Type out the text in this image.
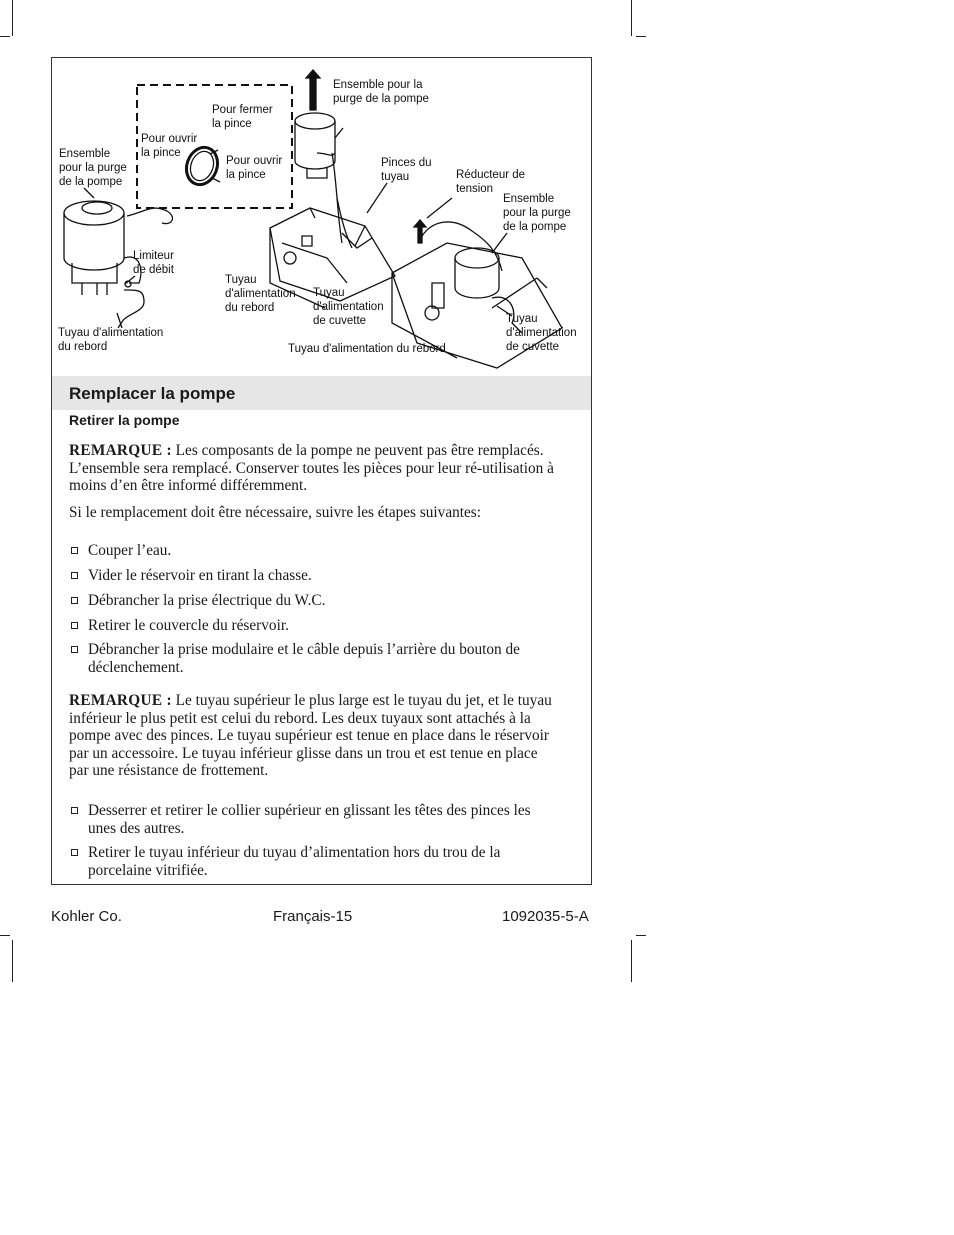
Ensemble pour la
purge de la pompe
Pour fermer
la pince
Pour ouvrir
la pince
Pour ouvrir
la pince
Ensemble
pour la purge
de la pompe
Limiteur
de débit
Tuyau d'alimentation
du rebord
Pinces du
tuyau	Réducteur de
tension
Ensemble
pour la purge
de la pompe
Tuyau
d'alimentation
du rebord
Tuyau
d'alimentation
de cuvette
Tuyau d'alimentation du rebord
Tuyau
d'alimentation
de cuvette
Remplacer la pompe
Retirer la pompe

REMARQUE : Les composants de la pompe ne peuvent pas être remplacés. L’ensemble sera remplacé. Conserver toutes les pièces pour leur ré-utilisation à moins d’en être informé différemment.

Si le remplacement doit être nécessaire, suivre les étapes suivantes:

Couper l’eau.
Vider le réservoir en tirant la chasse.
Débrancher la prise électrique du W.C.
Retirer le couvercle du réservoir.
Débrancher la prise modulaire et le câble depuis l’arrière du bouton de déclenchement.

REMARQUE : Le tuyau supérieur le plus large est le tuyau du jet, et le tuyau inférieur le plus petit est celui du rebord. Les deux tuyaux sont attachés à la pompe avec des pinces. Le tuyau supérieur est tenue en place dans le réservoir par un accessoire. Le tuyau inférieur glisse dans un trou et est tenue en place par une résistance de frottement.

Desserrer et retirer le collier supérieur en glissant les têtes des pinces les unes des autres.
Retirer le tuyau inférieur du tuyau d’alimentation hors du trou de la porcelaine vitrifiée.
Kohler Co.	Français-15	1092035-5-A
